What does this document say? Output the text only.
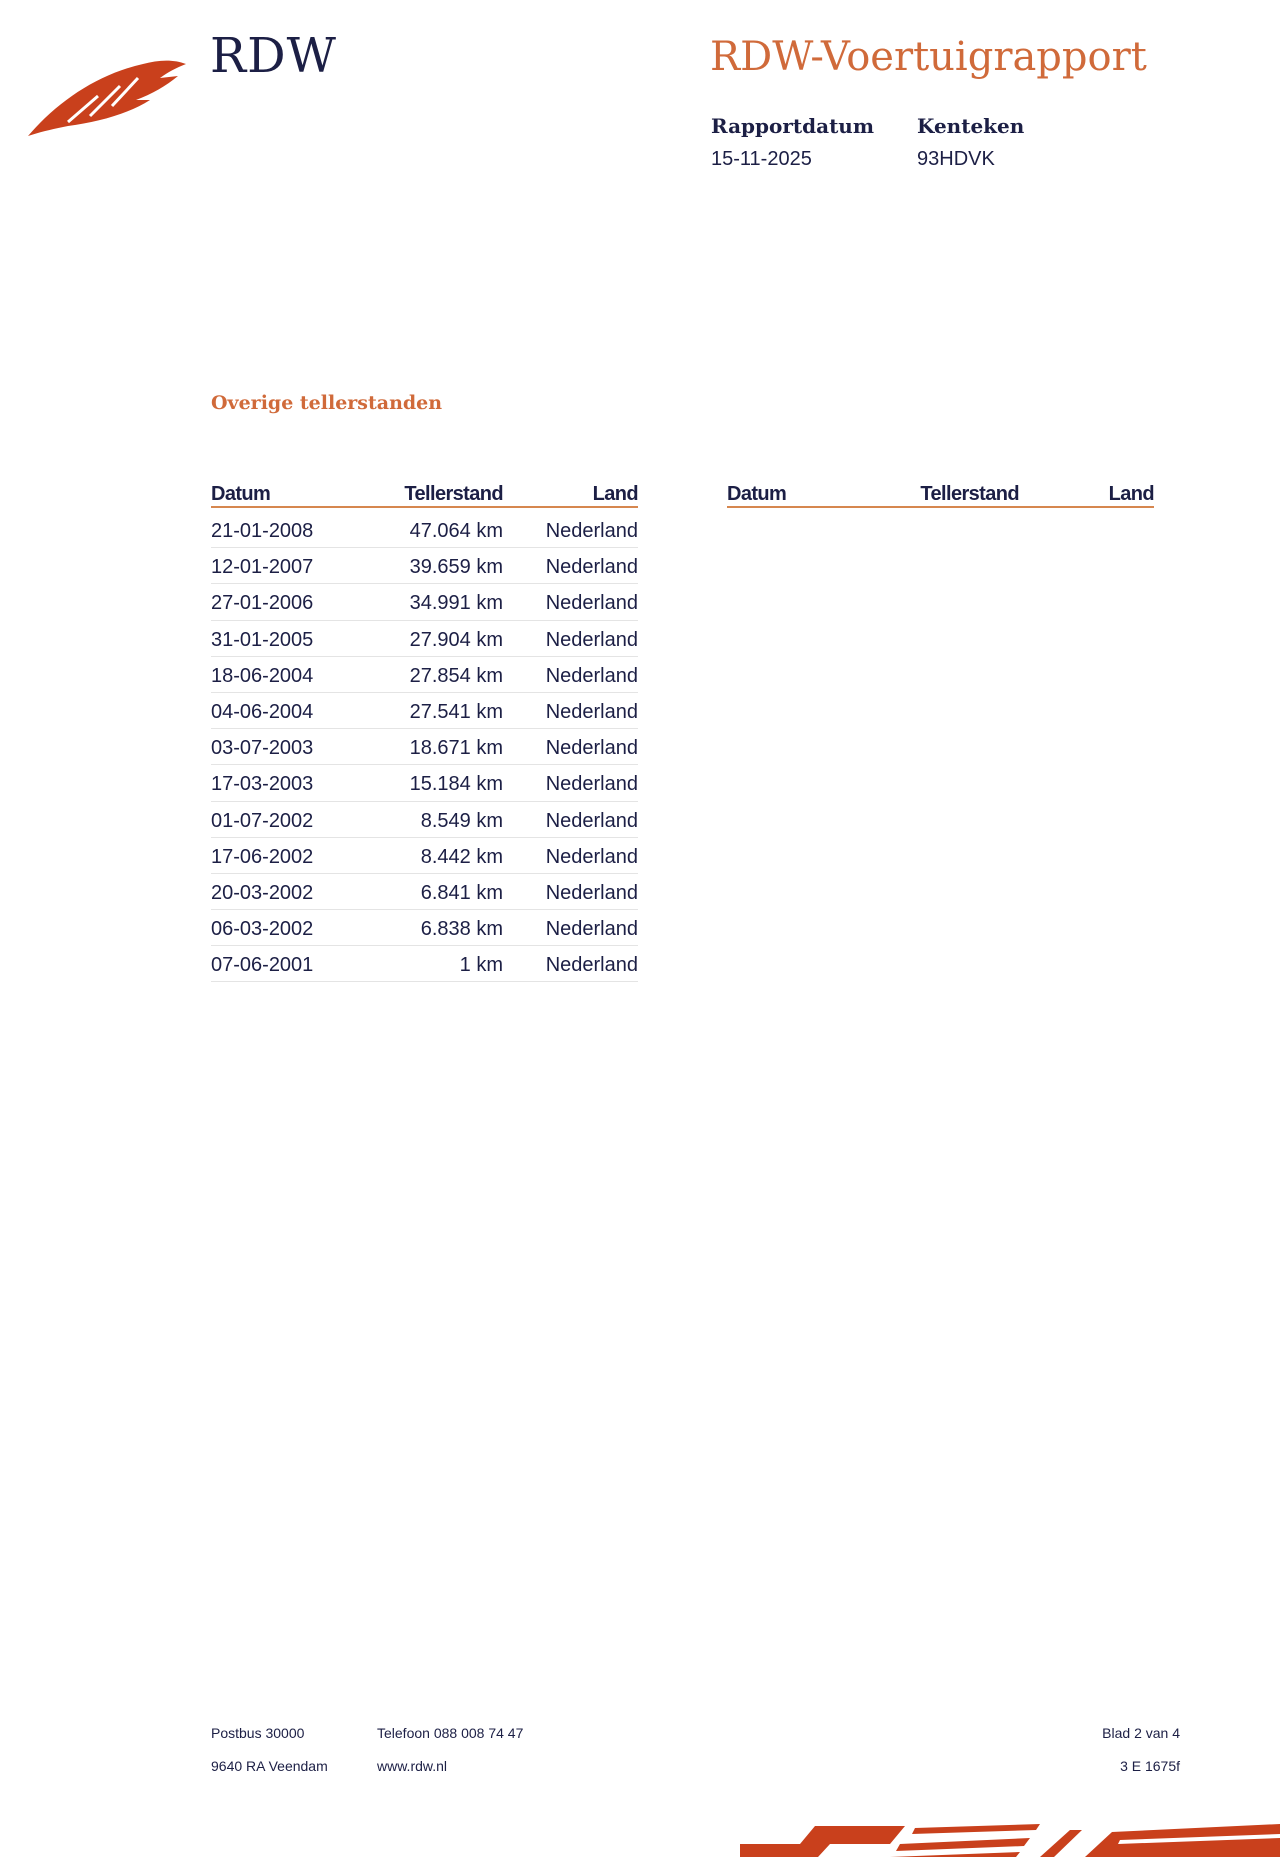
RDW	RDW-Voertuigrapport
Rapportdatum
15-11-2025
Kenteken
93HDVK
Overige tellerstanden
Datum	Tellerstand	Land
21-01-2008	47.064 km	Nederland
12-01-2007	39.659 km	Nederland
27-01-2006	34.991 km	Nederland
31-01-2005	27.904 km	Nederland
18-06-2004	27.854 km	Nederland
04-06-2004	27.541 km	Nederland
03-07-2003	18.671 km	Nederland
17-03-2003	15.184 km	Nederland
01-07-2002	8.549 km	Nederland
17-06-2002	8.442 km	Nederland
20-03-2002	6.841 km	Nederland
06-03-2002	6.838 km	Nederland
07-06-2001	1 km	Nederland
Datum	Tellerstand	Land
Postbus 30000
9640 RA Veendam
Telefoon 088 008 74 47
www.rdw.nl
Blad 2 van 4
3 E 1675f
